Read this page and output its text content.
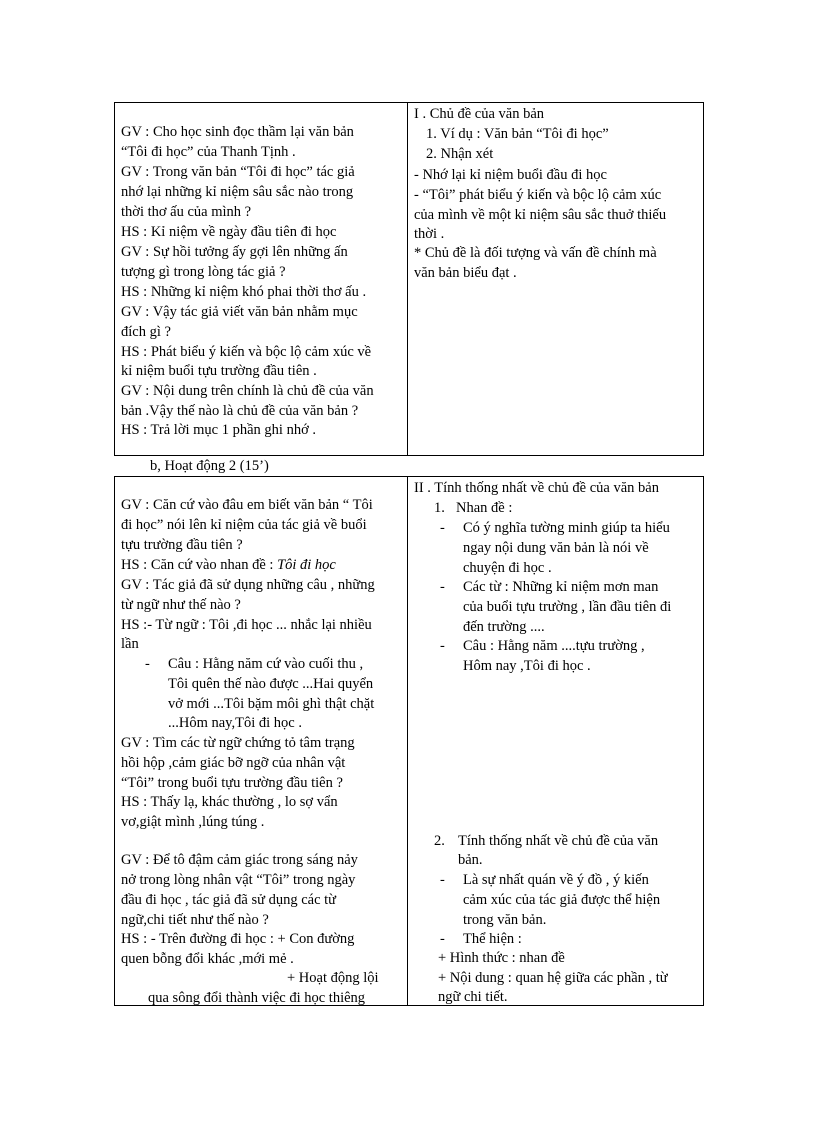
GV : Cho học sinh đọc thầm lại văn bản
“Tôi đi học” của Thanh Tịnh .
GV : Trong văn bản “Tôi đi học” tác giả
nhớ lại những kỉ niệm sâu sắc nào trong
thời thơ ấu của mình ?
HS : Kỉ niệm về ngày đầu tiên đi học
GV : Sự hồi tưởng ấy gợi lên những ấn
tượng gì trong lòng tác giả ?
HS : Những kỉ niệm khó phai thời thơ ấu .
GV : Vậy tác giả viết văn bản nhằm mục
đích gì ?
HS : Phát biểu ý kiến và bộc lộ cảm xúc về
kỉ niệm buổi tựu trường đầu tiên .
GV : Nội dung trên chính là chủ đề của văn
bản .Vậy thế nào là chủ đề của văn bản ?
HS : Trả lời mục 1 phần ghi nhớ .
I . Chủ đề của văn bản
1. Ví dụ : Văn bản “Tôi đi học”
2. Nhận xét
- Nhớ lại kỉ niệm buổi đầu đi học
- “Tôi” phát biểu ý kiến và bộc lộ cảm xúc
của mình về một kỉ niệm sâu sắc thuở thiếu
thời .
* Chủ đề là đối tượng và vấn đề chính mà
văn bản biểu đạt .
b, Hoạt động 2 (15’)
GV : Căn cứ vào đâu em biết văn bản “ Tôi
đi học” nói lên kỉ niệm của tác giả về buổi
tựu trường đầu tiên ?
HS : Căn cứ vào nhan đề : Tôi đi học
GV : Tác giả đã sử dụng những câu , những
từ ngữ như thế nào ?
HS :- Từ ngữ : Tôi ,đi học ... nhắc lại nhiều
lần
- Câu : Hằng năm cứ vào cuối thu ,
Tôi quên thế nào được ...Hai quyển
vở mới ...Tôi bặm môi ghì thật chặt
...Hôm nay,Tôi đi học .
GV : Tìm các từ ngữ chứng tỏ tâm trạng
hồi hộp ,cảm giác bỡ ngỡ của nhân vật
“Tôi” trong buổi tựu trường đầu tiên ?
HS : Thấy lạ, khác thường , lo sợ vẩn
vơ,giật mình ,lúng túng .
GV : Để tô đậm cảm giác trong sáng nảy
nở trong lòng nhân vật “Tôi” trong ngày
đầu đi học , tác giả đã sử dụng các từ
ngữ,chi tiết như thế nào ?
HS : - Trên đường đi học : + Con đường
quen bỗng đổi khác ,mới mẻ .
+ Hoạt động lội
qua sông đổi thành việc đi học thiêng
II . Tính thống nhất về chủ đề của văn bản
1. Nhan đề :
- Có ý nghĩa tường minh giúp ta hiểu
ngay nội dung văn bản là nói về
chuyện đi học .
- Các từ : Những kỉ niệm mơn man
của buổi tựu trường , lần đầu tiên đi
đến trường ....
- Câu : Hằng năm ....tựu trường ,
Hôm nay ,Tôi đi học .
2. Tính thống nhất về chủ đề của văn
bản.
- Là sự nhất quán về ý đồ , ý kiến
cảm xúc của tác giả được thể hiện
trong văn bản.
- Thể hiện :
+ Hình thức : nhan đề
+ Nội dung : quan hệ giữa các phần , từ
ngữ chi tiết.
